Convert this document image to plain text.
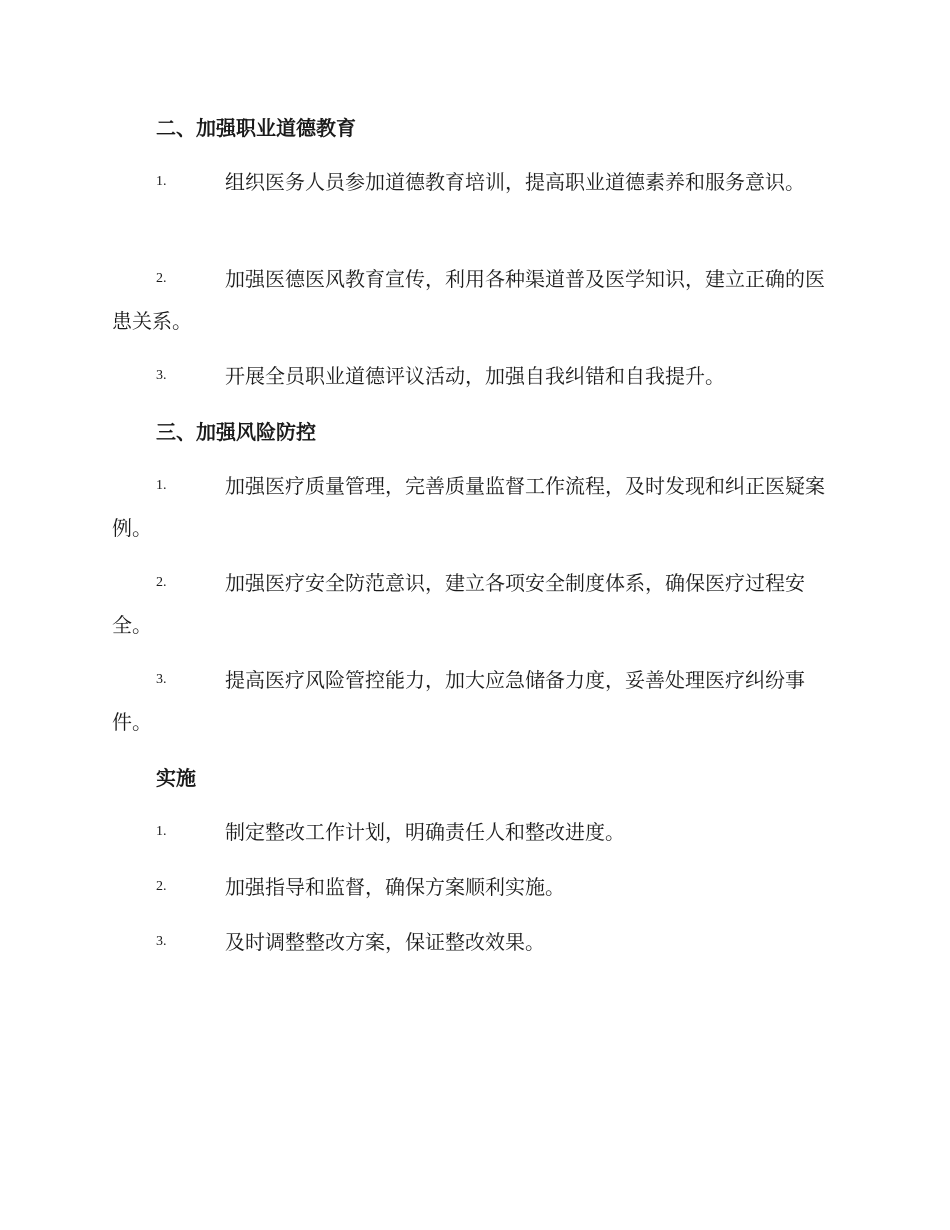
二、加强职业道德教育
1.	组织医务人员参加道德教育培训，提高职业道德素养和服务意识。
2.	加强医德医风教育宣传，利用各种渠道普及医学知识，建立正确的医患关系。
3.	开展全员职业道德评议活动，加强自我纠错和自我提升。
三、加强风险防控
1.	加强医疗质量管理，完善质量监督工作流程，及时发现和纠正医疑案例。
2.	加强医疗安全防范意识，建立各项安全制度体系，确保医疗过程安全。
3.	提高医疗风险管控能力，加大应急储备力度，妥善处理医疗纠纷事件。
实施
1.	制定整改工作计划，明确责任人和整改进度。
2.	加强指导和监督，确保方案顺利实施。
3.	及时调整整改方案，保证整改效果。
